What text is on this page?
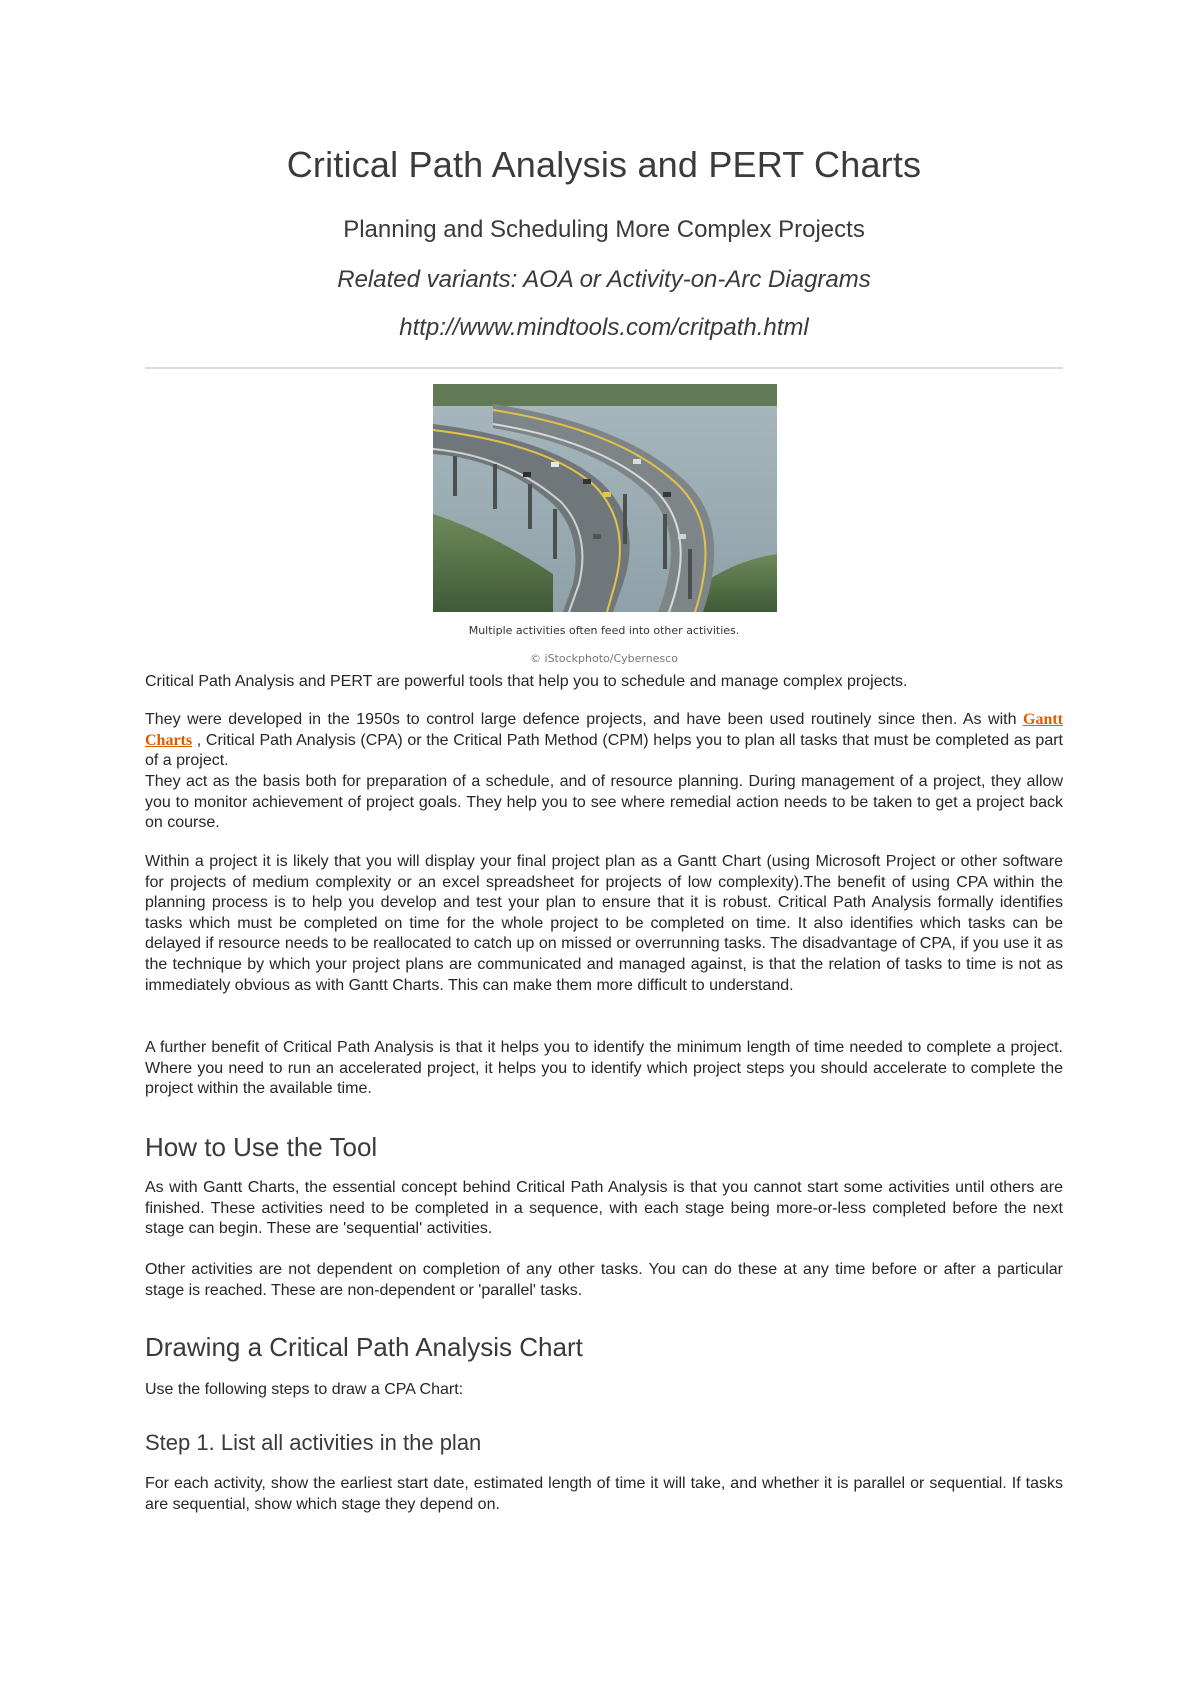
Critical Path Analysis and PERT Charts
Planning and Scheduling More Complex Projects

Related variants: AOA or Activity-on-Arc Diagrams

http://www.mindtools.com/critpath.html

Multiple activities often feed into other activities.

© iStockphoto/Cybernesco

Critical Path Analysis and PERT are powerful tools that help you to schedule and manage complex projects.

They were developed in the 1950s to control large defence projects, and have been used routinely since then. As with Gantt Charts , Critical Path Analysis (CPA) or the Critical Path Method (CPM) helps you to plan all tasks that must be completed as part of a project.

They act as the basis both for preparation of a schedule, and of resource planning. During management of a project, they allow you to monitor achievement of project goals. They help you to see where remedial action needs to be taken to get a project back on course.

Within a project it is likely that you will display your final project plan as a Gantt Chart (using Microsoft Project or other software for projects of medium complexity or an excel spreadsheet for projects of low complexity).The benefit of using CPA within the planning process is to help you develop and test your plan to ensure that it is robust. Critical Path Analysis formally identifies tasks which must be completed on time for the whole project to be completed on time. It also identifies which tasks can be delayed if resource needs to be reallocated to catch up on missed or overrunning tasks. The disadvantage of CPA, if you use it as the technique by which your project plans are communicated and managed against, is that the relation of tasks to time is not as immediately obvious as with Gantt Charts. This can make them more difficult to understand.

A further benefit of Critical Path Analysis is that it helps you to identify the minimum length of time needed to complete a project. Where you need to run an accelerated project, it helps you to identify which project steps you should accelerate to complete the project within the available time.

How to Use the Tool

As with Gantt Charts, the essential concept behind Critical Path Analysis is that you cannot start some activities until others are finished. These activities need to be completed in a sequence, with each stage being more-or-less completed before the next stage can begin. These are 'sequential' activities.

Other activities are not dependent on completion of any other tasks. You can do these at any time before or after a particular stage is reached. These are non-dependent or 'parallel' tasks.

Drawing a Critical Path Analysis Chart

Use the following steps to draw a CPA Chart:

Step 1. List all activities in the plan

For each activity, show the earliest start date, estimated length of time it will take, and whether it is parallel or sequential. If tasks are sequential, show which stage they depend on.
